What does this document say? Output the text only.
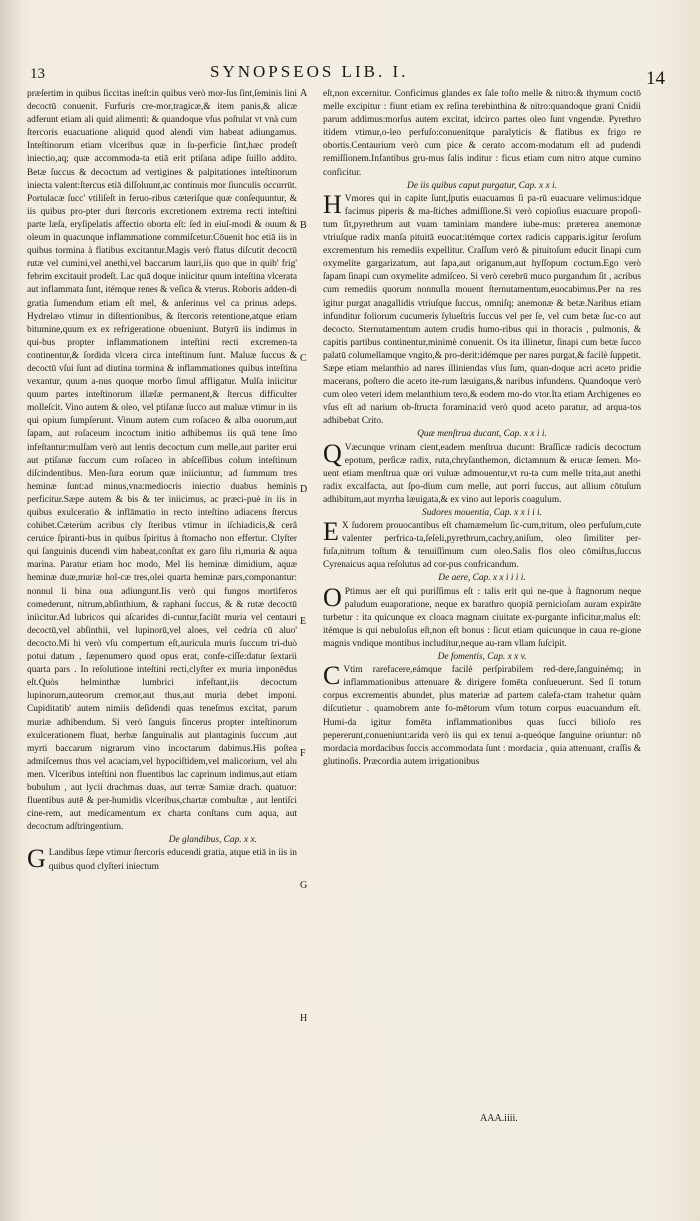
13	SYNOPSEOS LIB. I.	14

præſertim in quibus ſiccitas ineſt:in quibus verò mor-ſus ſint,ſeminis lini decoctū conuenit. Furfuris cre-mor,tragicæ,& item panis,& alicæ adferunt etiam ali quid alimenti: & quandoque vſus poſtulat vt vnà cum ſtercoris euacuatione aliquid quod alendi vim habeat adiungamus. Inteſtinorum etiam vlceribus quæ in ſu-perficie ſint,hæc prodeſt iniectio,aq; quæ accommoda-ta etiā erit ptiſana adipe ſuillo addito. Betæ ſuccus & decoctum ad vertigines & palpitationes inteſtinorum iniecta valent:ſtercus etiā diſſoluunt,ac continuis mor ſiunculis occurrūt. Portulacæ ſucc' vtiliſeſt in feruo-ribus cæteriſque quæ conſequuntur, & iis quibus pro-pter duri ſtercoris excretionem extrema recti inteſtini parte læſa, eryſipelatis affectio oborta eſt: ſed in eiuſ-modi & ouum & oleum in quacunque inflammatione commiſcetur.Cōuenit hoc etiā iis in quibus tormina à flatibus excitantur.Magis verò flatus diſcutit decoctū rutæ vel cumini,vel anethi,vel baccarum lauri,iis quo que in quib' frig' febrim excitauit prodeſt. Lac quā doque iniicitur quum inteſtina vlcerata aut inflammata ſunt, itémque renes & veſica & vterus. Roboris adden-di gratia ſumendum etiam eſt mel, & anſerinus vel ca prinus adeps. Hydrelæo vtimur in diſtentionibus, & ſtercoris retentione,atque etiam bitumine,quum ex ex refrigeratione obueniunt. Butyrū iis indimus in qui-bus propter inflammationem inteſtini recti excremen-ta continentur,& ſordida vlcera circa inteſtinum ſunt. Maluæ ſuccus & decoctū vſui ſunt ad diutina tormina & inflammationes quibus inteſtina vexantur, quum a-nus quoque morbo ſimul affligatur. Mulſa iniicitur quum partes inteſtinorum illæſæ permanent,& ſtercus difficulter molleſcit. Vino autem & oleo, vel ptiſanæ ſucco aut maluæ vtimur in iis qui opium ſumpſerunt. Vinum autem cum roſaceo & alba ouorum,aut ſapam, aut roſaceum incoctum initio adhibemus iis quā tene ſmo infeſtantur:mulſam verò aut lentis decoctum cum melle,aut pariter erui aut ptiſanæ ſuccum cum roſaceo in abſceſſibus colum inteſtinum diſcindentibus. Men-ſura eorum quæ iniiciuntur, ad ſummum tres heminæ ſunt:ad minus,vna:mediocris iniectio duabus heminis perficitur.Sæpe autem & bis & ter iniicimus, ac præci-puè in iis in quibus exulceratio & inflāmatio in recto inteſtino adiacens ſtercus cohibet.Cæterùm acribus cly ſteribus vtimur in iſchiadicis,& cerâ ceruice ſpiranti-bus in quibus ſpiritus à ſtomacho non effertur. Clyſter qui ſanguinis ducendi vim habeat,conſtat ex garo ſilu ri,muria & aqua marina. Paratur etiam hoc modo, Mel lis heminæ dimidium, aquæ heminæ duæ,muriæ hol-cæ tres,olei quarta heminæ pars,componantur: nonnul li bina oua adiungunt.Iis verò qui fungos mortiferos comederunt, nitrum,abſinthium, & raphani ſuccus, & & rutæ decoctū iniicitur.Ad lubricos qui aſcarides di-cuntur,faciūt muria vel centauri decoctū,vel abſinthii, vel lupinorū,vel aloes, vel cedria cū aluo' decocto.Mi hi verò vſu compertum eſt,auricula muris ſuccum tri-duò potui datum , ſæpenumero quod opus erat, confe-ciſſe:datur ſextarii quarta pars . In reſolutione inteſtini recti,clyſter ex muria imponēdus eſt.Quòs helminthæ lumbrici infeſtant,iis decoctum lupinorum,auteorum cremor,aut thus,aut muria debet imponi. Cupiditatib' autem nimiis deſidendi quas teneſmus excitat, parum muriæ adhibendum. Si verò ſanguis ſincerus propter inteſtinorum exulcerationem fluat, herbæ ſanguinalis aut plantaginis ſuccum ,aut myrti baccarum nigrarum vino incoctarum dabimus.His poſtea admiſcemus thus vel acaciam,vel hypociſtidem,vel malicorium, vel alu men. Vlceribus inteſtini non fluentibus lac caprinum indimus,aut etiam bubulum , aut lycii drachmas duas, aut terræ Samiæ drach. quatuor: fluentibus autē & per-humidis vlceribus,chartæ combuſtæ , aut lentiſci cine-rem, aut medicamentum ex charta conſtans cum aqua, aut decoctum adſtringentium.

De glandibus, Cap. x x.

G Landibus ſæpe vtimur ſtercoris educendi gratia, atque etiā in iis in quibus quod clyſteri iniectum

A
B
C
D
E
F
G
H

eſt,non excernitur. Conficimus glandes ex ſale toſto melle & nitro:& thymum coctō melle excipitur : fiunt etiam ex reſina terebinthina & nitro:quandoque grani Cnidii parum addimus:morſus autem excitat, idcirco partes oleo ſunt vngendæ. Pyrethro itidem vtimur,o-leo perfuſo:conuenitque paralyticis & flatibus ex frigo re obortis.Centaurium verò cum pice & cerato accom-modatum eſt ad pudendi remiſſionem.Infantibus gru-mus ſalis inditur : ficus etiam cum nitro atque cumino conficitur.

De iis quibus caput purgatur, Cap. x x i.

H Vmores qui in capite ſunt,ſputis euacuamus ſi pa-rū euacuare velimus:idque facimus piperis & ma-ſtiches admiſſione.Si verò copioſius euacuare propoſi-tum ſit,pyrethrum aut vuam taminiam mandere iube-mus: præterea anemonæ vtriuſque radix manſa pituitā euocat:itémque cortex radicis capparis.igitur ſeroſum excrementum his remediis expellitur. Craſſum verò & pituitoſum educit ſinapi cum oxymelite gargarizatum, aut ſapa,aut origanum,aut hyſſopum coctum.Ego verò ſapam ſinapi cum oxymelite admiſceo. Si verò cerebrū muco purgandum ſit , acribus cum remediis quorum nonnulla mouent ſternutamentum,euocabimus.Per na res igitur purgat anagallidis vtriuſque ſuccus, omniſq; anemonæ & betæ.Naribus etiam infunditur foliorum cucumeris ſylueſtris ſuccus vel per ſe, vel cum betæ ſuc-co aut decocto. Sternutamentum autem crudis humo-ribus qui in thoracis , pulmonis, & capitis partibus continentur,minimè conuenit. Os ita illinetur, ſinapi cum betæ ſucco palatū columellamque vngito,& pro-derit:idémque per nares purgat,& facilè ſuppetit. Sæpe etiam melanthio ad nares illiniendas vſus ſum, quan-doque acri aceto pridie macerans, poſtero die aceto ite-rum læuigans,& naribus infundens. Quandoque verò cum oleo veteri idem melanthium tero,& eodem mo-do vtor.Ita etiam Archigenes eo vſus eſt ad narium ob-ſtructa foramina:id verò quod aceto paratur, ad arqua-tos adhibebat Crito.

Quæ menſtrua ducant, Cap. x x i i.

Q Væcunque vrinam cient,eadem menſtrua ducunt: Braſſicæ radicis decoctum epotum, perſicæ radix, ruta,chryſanthemon, dictamnum & erucæ ſemen. Mo-uent etiam menſtrua quæ ori vuluæ admouentur,vt ru-ta cum melle trita,aut anethi radix excalfacta, aut ſpo-dium cum melle, aut porri ſuccus, aut allium cōtuſum adhibitum,aut myrrha læuigata,& ex vino aut leporis coagulum.

Sudores mouentia, Cap. x x i i i.

E X ſudorem prouocantibus eſt chamæmelum ſic-cum,tritum, oleo perfuſum,cute valenter perfrica-ta,ſeſeli,pyrethrum,cachry,aniſum, oleo ſimiliter per-fuſa,nitrum toſtum & tenuiſſimum cum oleo.Salis flos oleo cōmiſtus,ſuccus Cyrenaicus aqua reſolutus ad cor-pus confricandum.

De aere, Cap. x x i i i i.

O Ptimus aer eſt qui puriſſimus eſt : talis erit qui ne-que à ſtagnorum neque paludum euaporatione, neque ex barathro quopiā pernicioſam auram expirāte turbetur : ita quicunque ex cloaca magnam ciuitate ex-purgante inficitur,malus eſt: itémque is qui nebuloſus eſt,non eſt bonus : ſicut etiam quicunque in caua re-gione magnis vndique montibus includitur,neque au-ram vllam ſuſcipit.

De fomentis, Cap. x x v.

C Vtim rarefacere,eámque facilè perſpirabilem red-dere,ſanguinémq; in inflammationibus attenuare & dirigere fomēta conſueuerunt. Sed ſi totum corpus excrementis abundet, plus materiæ ad partem calefa-ctam trahetur quàm diſcutietur . quamobrem ante fo-mētorum vſum totum corpus euacuandum eſt. Humi-da igitur fomēta inflammationibus quas ſucci bilioſo res pepererunt,conueniunt:arida verò iis qui ex tenui a-queóque ſanguine oriuntur: nō mordacia mordacibus ſuccis accommodata ſunt : mordacia , quia attenuant, craſſis & glutinoſis. Præcordia autem irrigationibus

AAA.iiii.
